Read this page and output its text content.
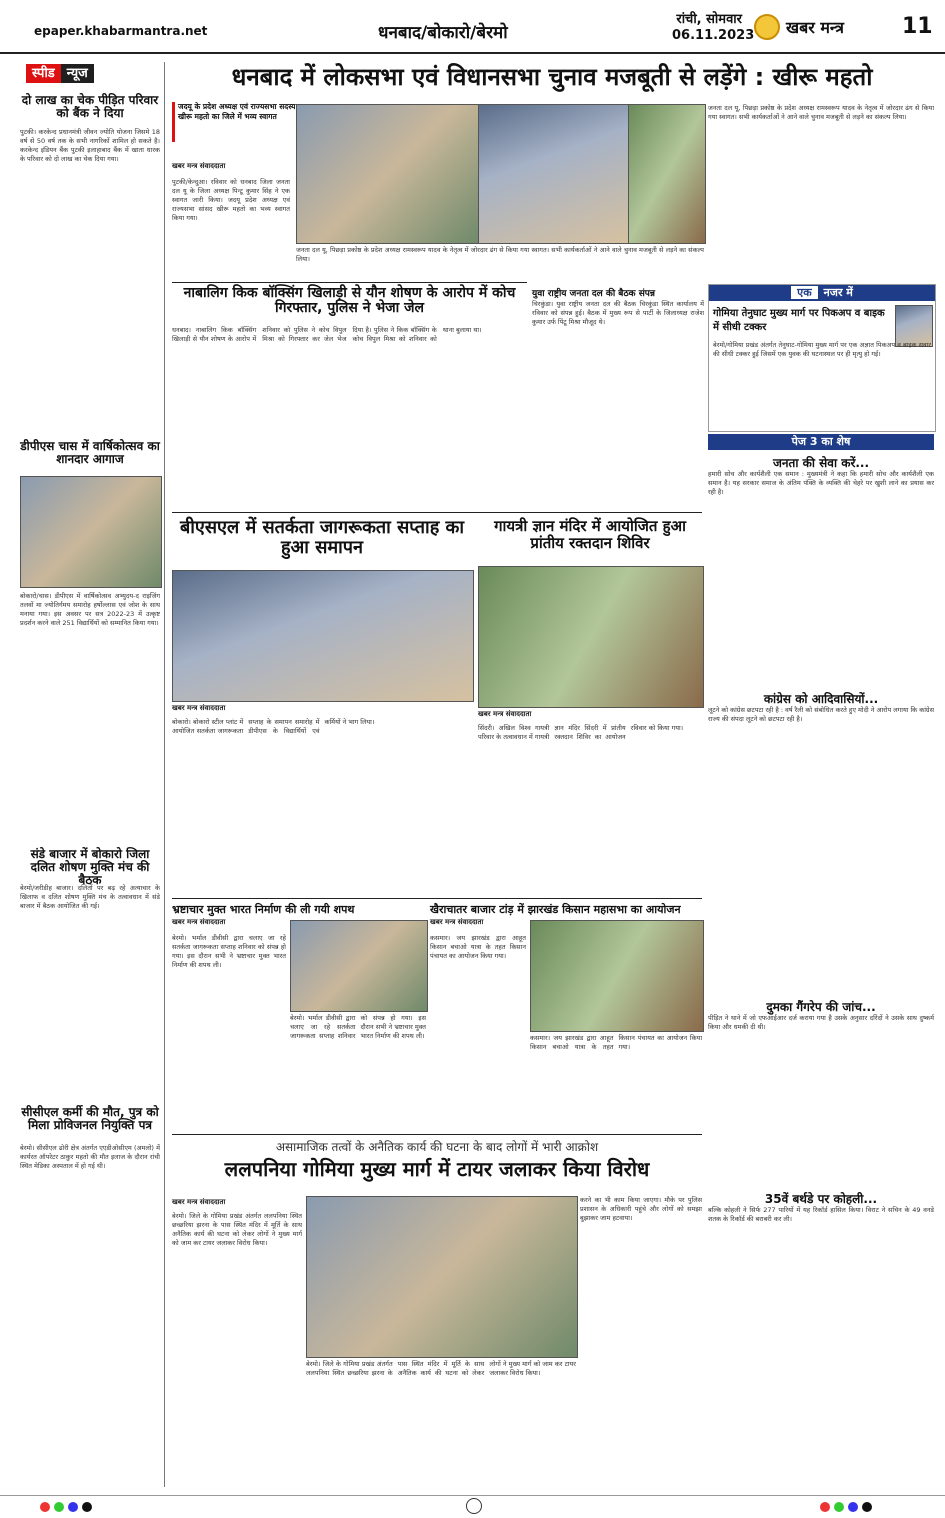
epaper.khabarmantra.net	धनबाद/बोकारो/बेरमो
रांची, सोमवार
06.11.2023 खबर मन्त्र	11
स्पीड न्यूज
दो लाख का चेक पीड़ित परिवार को बैंक ने दिया
पुटकी। करकेन्द प्रधानमंत्री जीवन ज्योति योजना जिसमे 18 वर्ष से 50 वर्ष तक के सभी नागरिकों शामिल हो सकते है। करकेन्द इंडियन बैंक पुटकी इलाहाबाद बैंक में खाता धारक के परिवार को दो लाख का चेक दिया गया।
डीपीएस चास में वार्षिकोत्सव का शानदार आगाज
बोकारो/चास। डीपीएस में वार्षिकोत्सव अभ्युदय-द राइजिंग तलवों मा ज्योतिर्गमय समारोह हर्षोल्लास एवं जोश के साथ मनाया गया। इस अवसर पर सत्र 2022-23 में उत्कृष्ट प्रदर्शन करने वाले 251 विद्यार्थियों को सम्मानित किया गया।
संडे बाजार में बोकारो जिला दलित शोषण मुक्ति मंच की बैठक
बेरमो/जरीडीह बाजार। दलितों पर बढ़ रहे अत्याचार के खिलाफ व दलित शोषण मुक्ति मंच के तत्वावधान में संडे बाजार में बैठक आयोजित की गई।
सीसीएल कर्मी की मौत, पुत्र को मिला प्रोविजनल नियुक्ति पत्र
बेरमो। सीसीएल ढोरी क्षेत्र अंतर्गत एएडीओसीएम (अमलो) में कार्यरत ऑपरेटर ठाकुर महतो की मौत इलाज के दौरान रांची स्थित मेडिका अस्पताल में हो गई थी।
धनबाद में लोकसभा एवं विधानसभा चुनाव मजबूती से लड़ेंगे : खीरू महतो
जदयू के प्रदेश अध्यक्ष एवं राज्यसभा सदस्य खीरू महतो का जिले में भव्य स्वागत
खबर मन्त्र संवाददाता
पुटकी/केन्दुआ। रविवार को धनबाद जिला जनता दल यू के जिला अध्यक्ष पिन्टू कुमार सिंह ने एक स्वागत जारी किया। जदयू प्रदेश अध्यक्ष एवं राज्यसभा सांसद खीरू महतो का भव्य स्वागत किया गया।
जनता दल यू, पिछड़ा प्रकोष्ठ के प्रदेश अध्यक्ष रामस्वरूप यादव के नेतृत्व में जोरदार ढंग से किया गया स्वागत। सभी कार्यकर्ताओं ने आने वाले चुनाव मजबूती से लड़ने का संकल्प लिया।
जनता दल यू, पिछड़ा प्रकोष्ठ के प्रदेश अध्यक्ष रामस्वरूप यादव के नेतृत्व में जोरदार ढंग से किया गया स्वागत। सभी कार्यकर्ताओं ने आने वाले चुनाव मजबूती से लड़ने का संकल्प लिया।
नाबालिग किक बॉक्सिंग खिलाड़ी से यौन शोषण के आरोप में कोच गिरफ्तार, पुलिस ने भेजा जेल
धनबाद। नाबालिग किक बॉक्सिंग खिलाड़ी से यौन शोषण के आरोप में शनिवार को पुलिस ने कोच विपुल मिश्रा को गिरफ्तार कर जेल भेज दिया है। पुलिस ने किक बॉक्सिंग के कोच विपुल मिश्रा को शनिवार को थाना बुलाया था।
युवा राष्ट्रीय जनता दल की बैठक संपन्न
चिरकुंडा। युवा राष्ट्रीय जनता दल की बैठक चिरकुंडा स्थित कार्यालय में रविवार को संपन्न हुई। बैठक में मुख्य रूप से पार्टी के जिलाध्यक्ष राजेश कुमार उर्फ पिंटू मिश्रा मौजूद थे।
एक नजर में
गोमिया तेनुघाट मुख्य मार्ग पर पिकअप व बाइक में सीधी टक्कर
बेरमो/गोमिया प्रखंड अंतर्गत तेनुघाट-गोमिया मुख्य मार्ग पर एक अज्ञात पिकअप व बाइक सवार की सीधी टक्कर हुई जिसमें एक युवक की घटनास्थल पर ही मृत्यु हो गई।
पेज 3 का शेष
जनता की सेवा करें...
हमारी सोच और कार्यशैली एक समान : मुख्यमंत्री ने कहा कि हमारी सोच और कार्यशैली एक समान है। यह सरकार समाज के अंतिम पंक्ति के व्यक्ति की चेहरे पर खुशी लाने का प्रयास कर रही है।
कांग्रेस को आदिवासियों...
लूटने को कांग्रेस छटपटा रही है : वर्ष रैली को संबोधित करते हुए मोदी ने आरोप लगाया कि कांग्रेस राज्य की संपदा लूटने को छटपटा रही है।
दुमका गैंगरेप की जांच...
पीड़ित ने थाने में जो एफआईआर दर्ज कराया गया है उसके अनुसार दरिंदों ने उसके साथ दुष्कर्म किया और धमकी दी थी।
35वें बर्थडे पर कोहली...
बल्कि कोहली ने सिर्फ 277 पारियों में यह रिकॉर्ड हासिल किया। विराट ने सचिन के 49 वनडे शतक के रिकॉर्ड की बराबरी कर ली।
बीएसएल में सतर्कता जागरूकता सप्ताह का हुआ समापन
खबर मन्त्र संवाददाता
बोकारो। बोकारो स्टील प्लांट में आयोजित सतर्कता जागरूकता सप्ताह के समापन समारोह में डीपीएस के विद्यार्थियों एवं कर्मियों ने भाग लिया।
गायत्री ज्ञान मंदिर में आयोजित हुआ प्रांतीय रक्तदान शिविर
खबर मन्त्र संवाददाता
सिंदरी। अखिल विश्व गायत्री परिवार के तत्वावधान में गायत्री ज्ञान मंदिर सिंदरी में प्रांतीय रक्तदान शिविर का आयोजन रविवार को किया गया।
भ्रष्टाचार मुक्त भारत निर्माण की ली गयी शपथ
खबर मन्त्र संवाददाता
बेरमो। भर्माल डीवीसी द्वारा चलाए जा रहे सतर्कता जागरूकता सप्ताह शनिवार को संपन्न हो गया। इस दौरान सभी ने भ्रष्टाचार मुक्त भारत निर्माण की शपथ ली।
बेरमो। भर्माल डीवीसी द्वारा चलाए जा रहे सतर्कता जागरूकता सप्ताह शनिवार को संपन्न हो गया। इस दौरान सभी ने भ्रष्टाचार मुक्त भारत निर्माण की शपथ ली।
खैराचातर बाजार टांड़ में झारखंड किसान महासभा का आयोजन
खबर मन्त्र संवाददाता
कसमार। जय झारखंड द्वारा आहूत किसान बचाओ यात्रा के तहत किसान पंचायत का आयोजन किया गया।
कसमार। जय झारखंड द्वारा आहूत किसान बचाओ यात्रा के तहत किसान पंचायत का आयोजन किया गया।
असामाजिक तत्वों के अनैतिक कार्य की घटना के बाद लोगों में भारी आक्रोश
ललपनिया गोमिया मुख्य मार्ग में टायर जलाकर किया विरोध
खबर मन्त्र संवाददाता
बेरमो। जिले के गोमिया प्रखंड अंतर्गत ललपनिया स्थित छच्छरिया झरना के पास स्थित मंदिर में मूर्ति के साथ अनैतिक कार्य की घटना को लेकर लोगों ने मुख्य मार्ग को जाम कर टायर जलाकर विरोध किया।
बेरमो। जिले के गोमिया प्रखंड अंतर्गत ललपनिया स्थित छच्छरिया झरना के पास स्थित मंदिर में मूर्ति के साथ अनैतिक कार्य की घटना को लेकर लोगों ने मुख्य मार्ग को जाम कर टायर जलाकर विरोध किया।
करने का भी काम किया जाएगा। मौके पर पुलिस प्रशासन के अधिकारी पहुंचे और लोगों को समझा बुझाकर जाम हटवाया।
